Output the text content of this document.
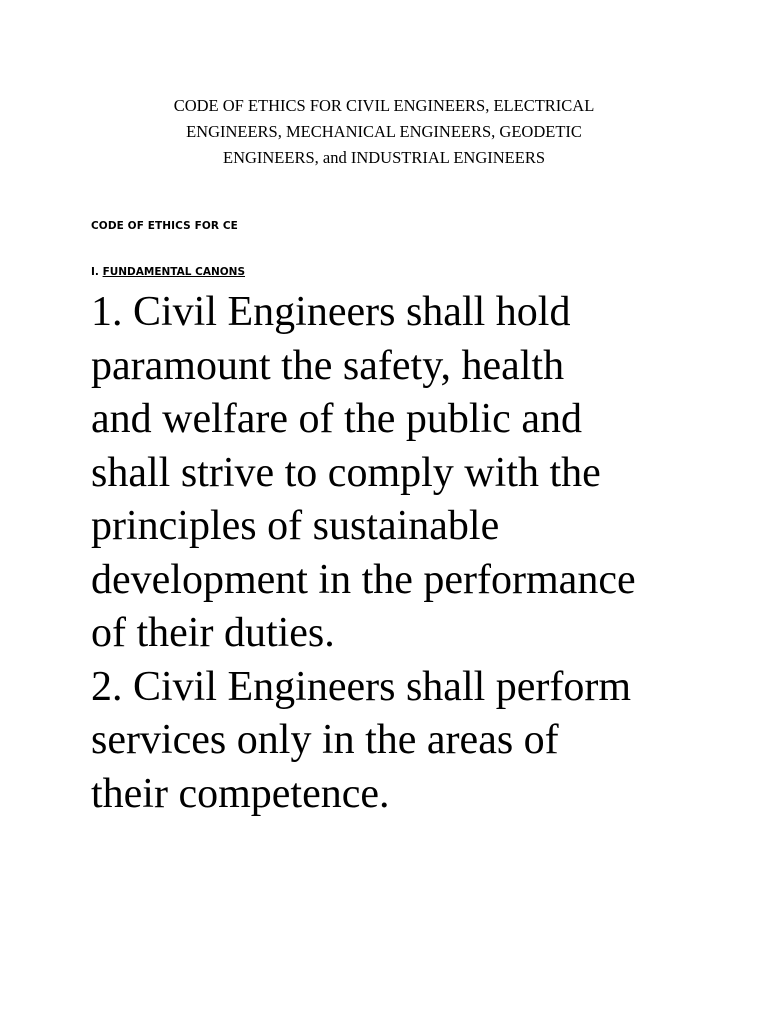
CODE OF ETHICS FOR CIVIL ENGINEERS, ELECTRICAL
ENGINEERS, MECHANICAL ENGINEERS, GEODETIC
ENGINEERS, and INDUSTRIAL ENGINEERS
CODE OF ETHICS FOR CE
I. FUNDAMENTAL CANONS
1. Civil Engineers shall hold
paramount the safety, health
and welfare of the public and
shall strive to comply with the
principles of sustainable
development in the performance
of their duties.
2. Civil Engineers shall perform
services only in the areas of
their competence.
